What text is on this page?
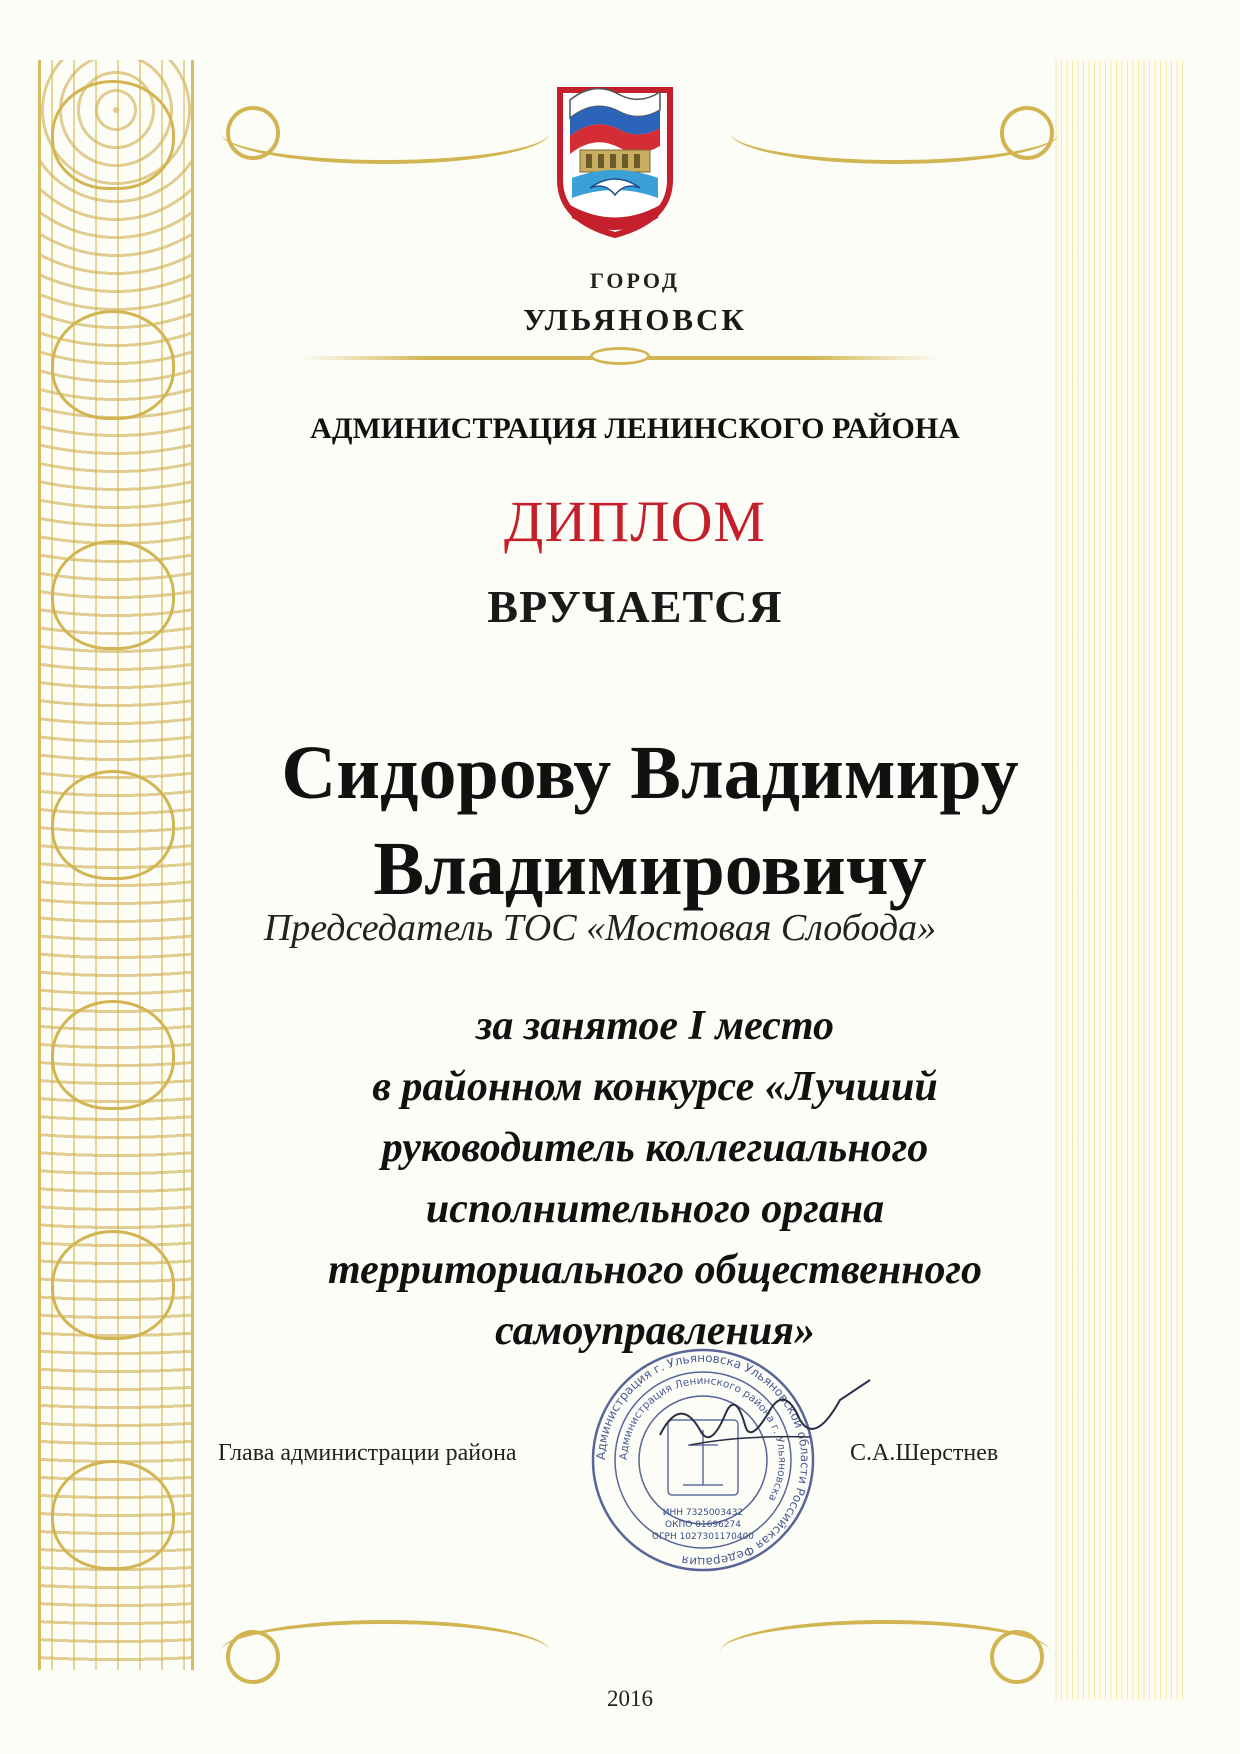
ГОРОД
УЛЬЯНОВСК
АДМИНИСТРАЦИЯ ЛЕНИНСКОГО РАЙОНА
ДИПЛОМ
ВРУЧАЕТСЯ
Сидорову Владимиру
Владимировичу
Председатель ТОС «Мостовая Слобода»
за занятое I место
в районном конкурсе «Лучший
руководитель коллегиального
исполнительного органа
территориального общественного
самоуправления»
Администрация г. Ульяновска Ульяновской области Российская Федерация
Администрация Ленинского района г. Ульяновска
ИНН 7325003432
ОКПО 01696274
ОГРН 1027301170400
Глава администрации района	С.А.Шерстнев
2016
